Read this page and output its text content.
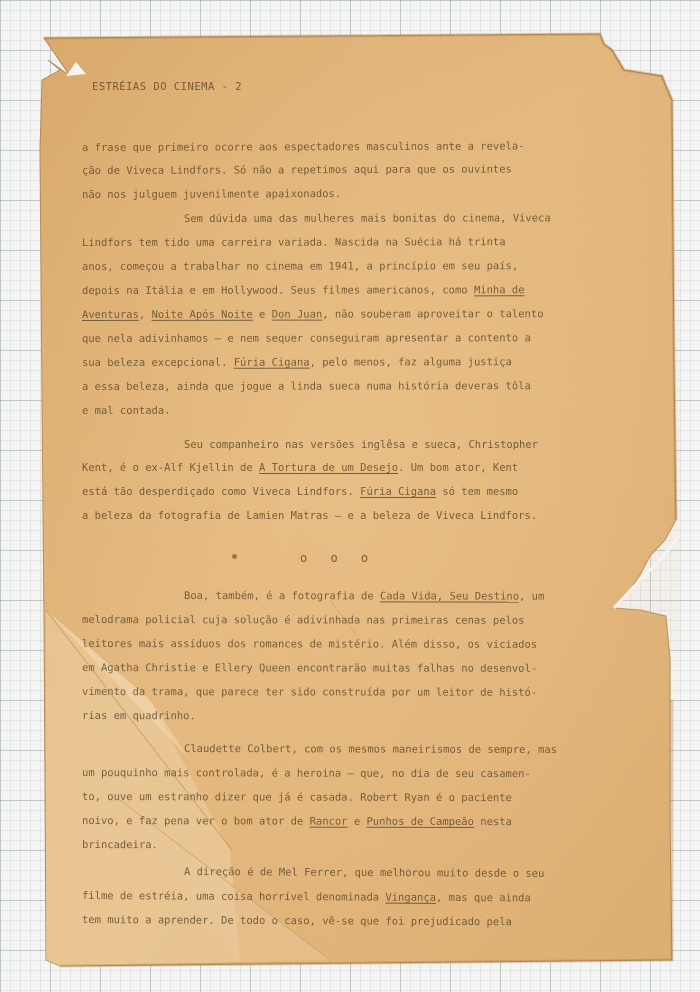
ESTRÉIAS DO CINEMA - 2
a frase que primeiro ocorre aos espectadores masculinos ante a revela-
ção de Viveca Lindfors. Só não a repetimos aqui para que os ouvintes
não nos julguem juvenilmente apaixonados.
Sem dúvida uma das mulheres mais bonitas do cinema, Viveca
Lindfors tem tido uma carreira variada. Nascida na Suécia há trinta
anos, começou a trabalhar no cinema em 1941, a princípio em seu país,
depois na Itália e em Hollywood. Seus filmes americanos, como Minha de
Aventuras, Noite Após Noite e Don Juan, não souberam aproveitar o talento
que nela adivinhamos — e nem sequer conseguiram apresentar a contento a
sua beleza excepcional. Fúria Cigana, pelo menos, faz alguma justiça
a essa beleza, ainda que jogue a linda sueca numa história deveras tôla
e mal contada.
Seu companheiro nas versões inglêsa e sueca, Christopher
Kent, é o ex-Alf Kjellin de A Tortura de um Desejo. Um bom ator, Kent
está tão desperdiçado como Viveca Lindfors. Fúria Cigana só tem mesmo
a beleza da fotografia de Lamien Matras — e a beleza de Viveca Lindfors.
o o o
Boa, também, é a fotografia de Cada Vida, Seu Destino, um
melodrama policial cuja solução é adivinhada nas primeiras cenas pelos
leitores mais assíduos dos romances de mistério. Além disso, os viciados
em Agatha Christie e Ellery Queen encontrarão muitas falhas no desenvol-
vimento da trama, que parece ter sido construída por um leitor de histó-
rias em quadrinho.
Claudette Colbert, com os mesmos maneirismos de sempre, mas
um pouquinho mais controlada, é a heroina — que, no dia de seu casamen-
to, ouve um estranho dizer que já é casada. Robert Ryan é o paciente
noivo, e faz pena ver o bom ator de Rancor e Punhos de Campeão nesta
brincadeira.
A direção é de Mel Ferrer, que melhorou muito desde o seu
filme de estréia, uma coisa horrível denominada Vingança, mas que ainda
tem muito a aprender. De todo o caso, vê-se que foi prejudicado pela
